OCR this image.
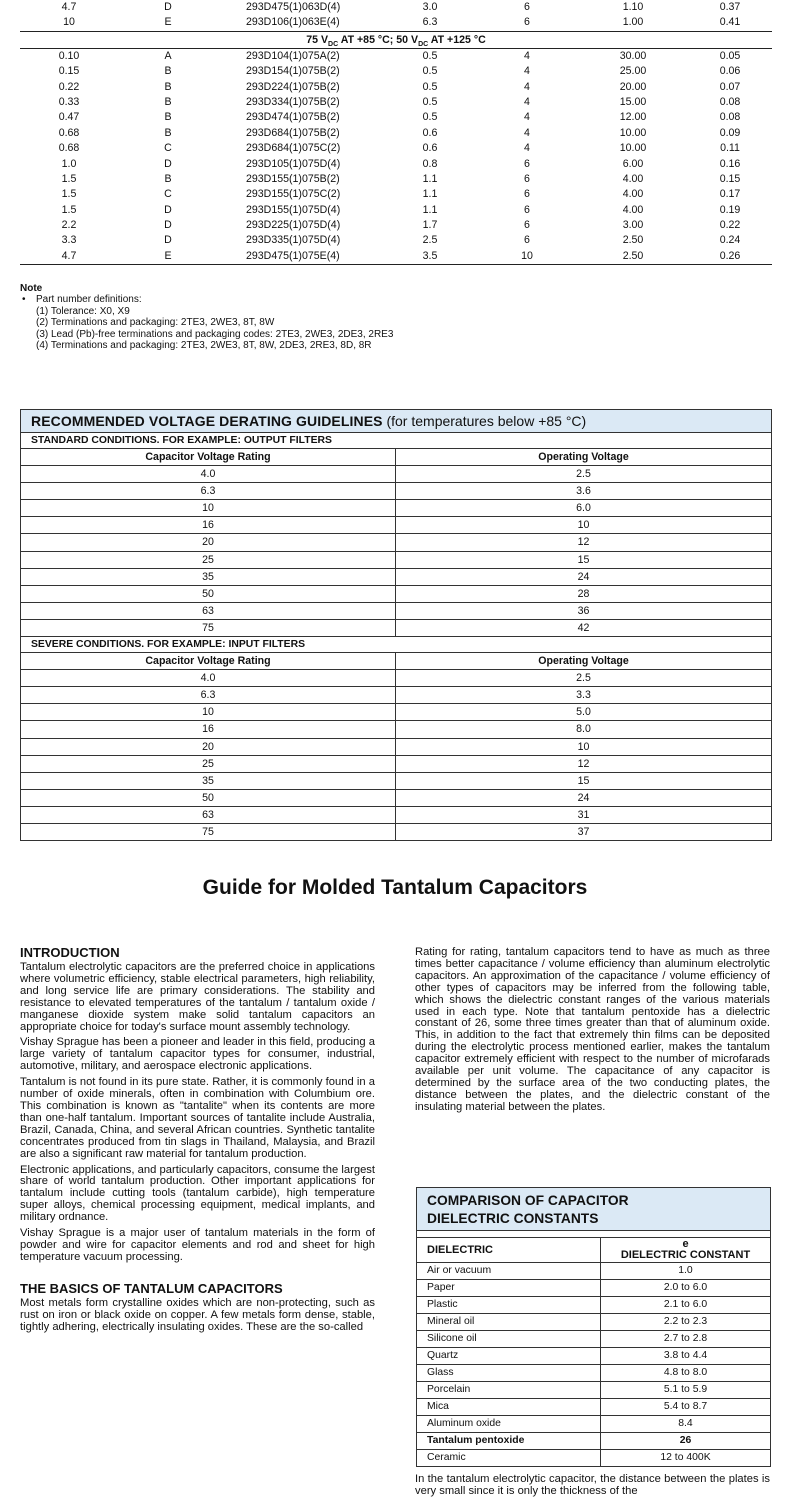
4.7	D	293D475(1)063D(4)	3.0	6	1.10	0.37
10	E	293D106(1)063E(4)	6.3	6	1.00	0.41
75 $V_{DC}$ AT +85 °C; 50 $V_{DC}$ AT +125 °C
0.10	A	293D104(1)075A(2)	0.5	4	30.00	0.05
0.15	B	293D154(1)075B(2)	0.5	4	25.00	0.06
0.22	B	293D224(1)075B(2)	0.5	4	20.00	0.07
0.33	B	293D334(1)075B(2)	0.5	4	15.00	0.08
0.47	B	293D474(1)075B(2)	0.5	4	12.00	0.08
0.68	B	293D684(1)075B(2)	0.6	4	10.00	0.09
0.68	C	293D684(1)075C(2)	0.6	4	10.00	0.11
1.0	D	293D105(1)075D(4)	0.8	6	6.00	0.16
1.5	B	293D155(1)075B(2)	1.1	6	4.00	0.15
1.5	C	293D155(1)075C(2)	1.1	6	4.00	0.17
1.5	D	293D155(1)075D(4)	1.1	6	4.00	0.19
2.2	D	293D225(1)075D(4)	1.7	6	3.00	0.22
3.3	D	293D335(1)075D(4)	2.5	6	2.50	0.24
4.7	E	293D475(1)075E(4)	3.5	10	2.50	0.26
Note
• Part number definitions:
(1) Tolerance: X0, X9
(2) Terminations and packaging: 2TE3, 2WE3, 8T, 8W
(3) Lead (Pb)-free terminations and packaging codes: 2TE3, 2WE3, 2DE3, 2RE3
(4) Terminations and packaging: 2TE3, 2WE3, 8T, 8W, 2DE3, 2RE3, 8D, 8R
RECOMMENDED VOLTAGE DERATING GUIDELINES (for temperatures below +85 °C)
STANDARD CONDITIONS. FOR EXAMPLE: OUTPUT FILTERS
Capacitor Voltage Rating	Operating Voltage
4.0	2.5
6.3	3.6
10	6.0
16	10
20	12
25	15
35	24
50	28
63	36
75	42
SEVERE CONDITIONS. FOR EXAMPLE: INPUT FILTERS
Capacitor Voltage Rating	Operating Voltage
4.0	2.5
6.3	3.3
10	5.0
16	8.0
20	10
25	12
35	15
50	24
63	31
75	37
Guide for Molded Tantalum Capacitors
INTRODUCTION

Tantalum electrolytic capacitors are the preferred choice in applications where volumetric efficiency, stable electrical parameters, high reliability, and long service life are primary considerations. The stability and resistance to elevated temperatures of the tantalum / tantalum oxide / manganese dioxide system make solid tantalum capacitors an appropriate choice for today's surface mount assembly technology.

Vishay Sprague has been a pioneer and leader in this field, producing a large variety of tantalum capacitor types for consumer, industrial, automotive, military, and aerospace electronic applications.

Tantalum is not found in its pure state. Rather, it is commonly found in a number of oxide minerals, often in combination with Columbium ore. This combination is known as "tantalite" when its contents are more than one-half tantalum. Important sources of tantalite include Australia, Brazil, Canada, China, and several African countries. Synthetic tantalite concentrates produced from tin slags in Thailand, Malaysia, and Brazil are also a significant raw material for tantalum production.

Electronic applications, and particularly capacitors, consume the largest share of world tantalum production. Other important applications for tantalum include cutting tools (tantalum carbide), high temperature super alloys, chemical processing equipment, medical implants, and military ordnance.

Vishay Sprague is a major user of tantalum materials in the form of powder and wire for capacitor elements and rod and sheet for high temperature vacuum processing.

THE BASICS OF TANTALUM CAPACITORS

Most metals form crystalline oxides which are non-protecting, such as rust on iron or black oxide on copper. A few metals form dense, stable, tightly adhering, electrically insulating oxides. These are the so-called

Rating for rating, tantalum capacitors tend to have as much as three times better capacitance / volume efficiency than aluminum electrolytic capacitors. An approximation of the capacitance / volume efficiency of other types of capacitors may be inferred from the following table, which shows the dielectric constant ranges of the various materials used in each type. Note that tantalum pentoxide has a dielectric constant of 26, some three times greater than that of aluminum oxide. This, in addition to the fact that extremely thin films can be deposited during the electrolytic process mentioned earlier, makes the tantalum capacitor extremely efficient with respect to the number of microfarads available per unit volume. The capacitance of any capacitor is determined by the surface area of the two conducting plates, the distance between the plates, and the dielectric constant of the insulating material between the plates.

COMPARISON OF CAPACITOR
DIELECTRIC CONSTANTS
DIELECTRIC	e
DIELECTRIC CONSTANT
Air or vacuum	1.0
Paper	2.0 to 6.0
Plastic	2.1 to 6.0
Mineral oil	2.2 to 2.3
Silicone oil	2.7 to 2.8
Quartz	3.8 to 4.4
Glass	4.8 to 8.0
Porcelain	5.1 to 5.9
Mica	5.4 to 8.7
Aluminum oxide	8.4
Tantalum pentoxide	26
Ceramic	12 to 400K
In the tantalum electrolytic capacitor, the distance between the plates is very small since it is only the thickness of the
